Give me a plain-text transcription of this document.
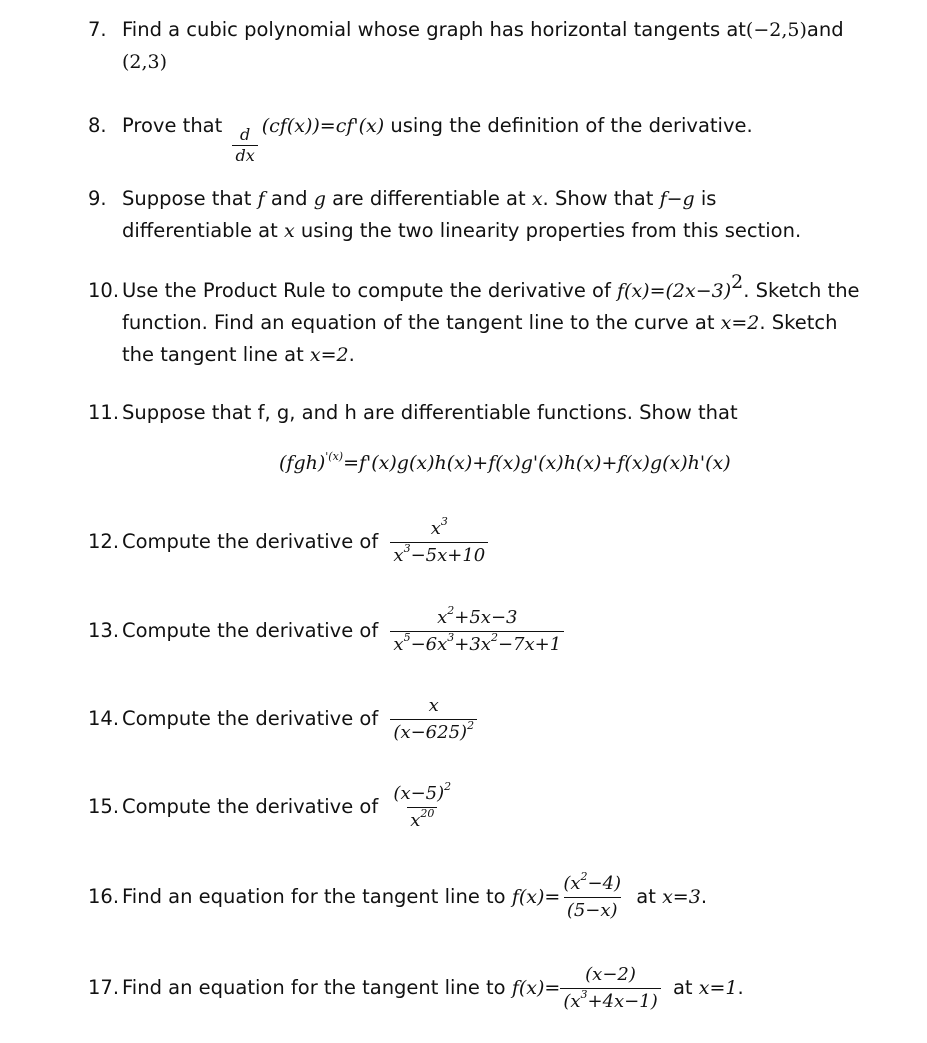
7. Find a cubic polynomial whose graph has horizontal tangents at(−2,5)and
(2,3)
8. Prove that
$\frac{d}{dx} (cf(x))=cf'(x)$ using the definition of the derivative.
9. Suppose that f and g are differentiable at x. Show that f−g is
differentiable at x using the two linearity properties from this section.
10. Use the Product Rule to compute the derivative of $f(x)=(2x-3)^2$. Sketch the
function. Find an equation of the tangent line to the curve at x=2. Sketch
the tangent line at x=2.
11. Suppose that f, g, and h are differentiable functions. Show that
(fgh)$^{'(x)}$=f'(x)g(x)h(x)+f(x)g'(x)h(x)+f(x)g(x)h'(x)
12. Compute the derivative of $\frac{x^3}{x^3-5x+10}$
13. Compute the derivative of $\frac{x^2+5x-3}{x^5-6x^3+3x^2-7x+1}$
14. Compute the derivative of $\frac{x}{(x-625)^2}$
15. Compute the derivative of $\frac{(x-5)^2}{x^{20}}$
16. Find an equation for the tangent line to $f(x)= \frac{(x^2-4)}{(5-x)}$ at x=3.
17. Find an equation for the tangent line to $f(x)= \frac{(x-2)}{(x^3+4x-1)}$ at x=1.
